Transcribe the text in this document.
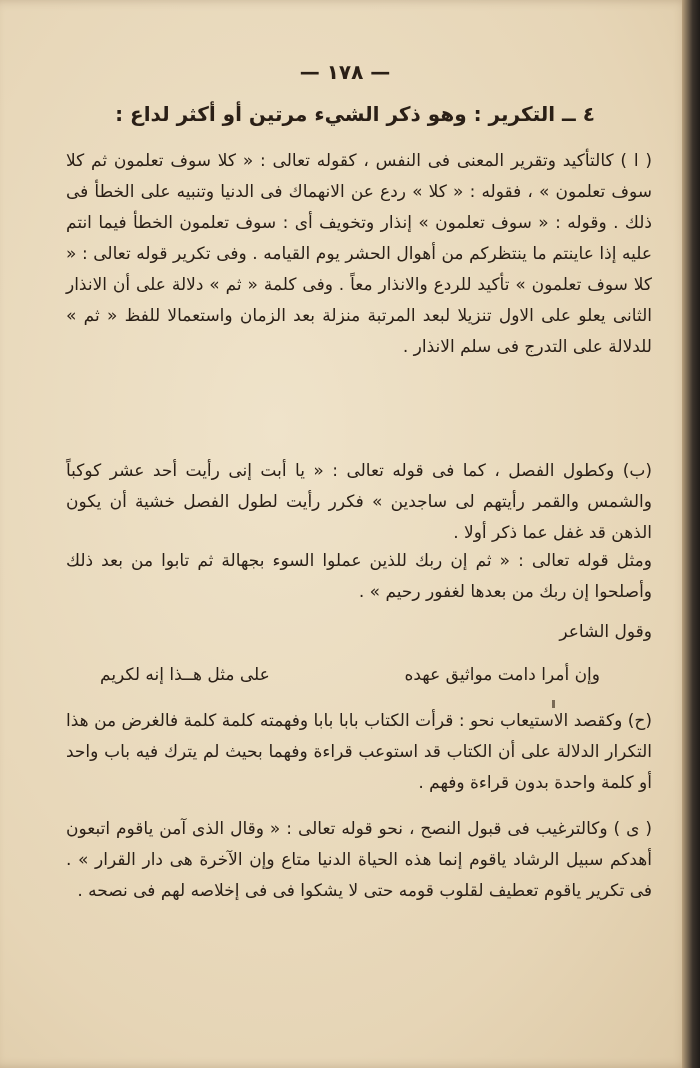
— ١٧٨ —
٤ ــ التكرير : وهو ذكر الشيء مرتين أو أكثر لداع :
( ا ) كالتأكيد وتقرير المعنى فى النفس ، كقوله تعالى : « كلا سوف تعلمون ثم كلا سوف تعلمون » ، فقوله : « كلا » ردع عن الانهماك فى الدنيا وتنبيه على الخطأ فى ذلك . وقوله : « سوف تعلمون » إنذار وتخويف أى : سوف تعلمون الخطأ فيما انتم عليه إذا عاينتم ما ينتظركم من أهوال الحشر يوم القيامه . وفى تكرير قوله تعالى : « كلا سوف تعلمون » تأكيد للردع والانذار معاً . وفى كلمة « ثم » دلالة على أن الانذار الثانى يعلو على الاول تنزيلا لبعد المرتبة منزلة بعد الزمان واستعمالا للفظ « ثم » للدلالة على التدرج فى سلم الانذار .
(ب) وكطول الفصل ، كما فى قوله تعالى : « يا أبت إنى رأيت أحد عشر كوكباً والشمس والقمر رأيتهم لى ساجدين » فكرر رأيت لطول الفصل خشية أن يكون الذهن قد غفل عما ذكر أولا .
ومثل قوله تعالى : « ثم إن ربك للذين عملوا السوء بجهالة ثم تابوا من بعد ذلك وأصلحوا إن ربك من بعدها لغفور رحيم » .
وقول الشاعر
وإن أمرا دامت مواثيق عهده
على مثل هــذا إنه لكريم
(ح) وكقصد الاستيعاب نحو : قرأت الكتاب بابا بابا وفهمته كلمة كلمة فالغرض من هذا التكرار الدلالة على أن الكتاب قد استوعب قراءة وفهما بحيث لم يترك فيه باب واحد أو كلمة واحدة بدون قراءة وفهم .
( ى ) وكالترغيب فى قبول النصح ، نحو قوله تعالى : « وقال الذى آمن ياقوم اتبعون أهدكم سبيل الرشاد ياقوم إنما هذه الحياة الدنيا متاع وإن الآخرة هى دار القرار » . فى تكرير ياقوم تعطيف لقلوب قومه حتى لا يشكوا فى فى إخلاصه لهم فى نصحه .
